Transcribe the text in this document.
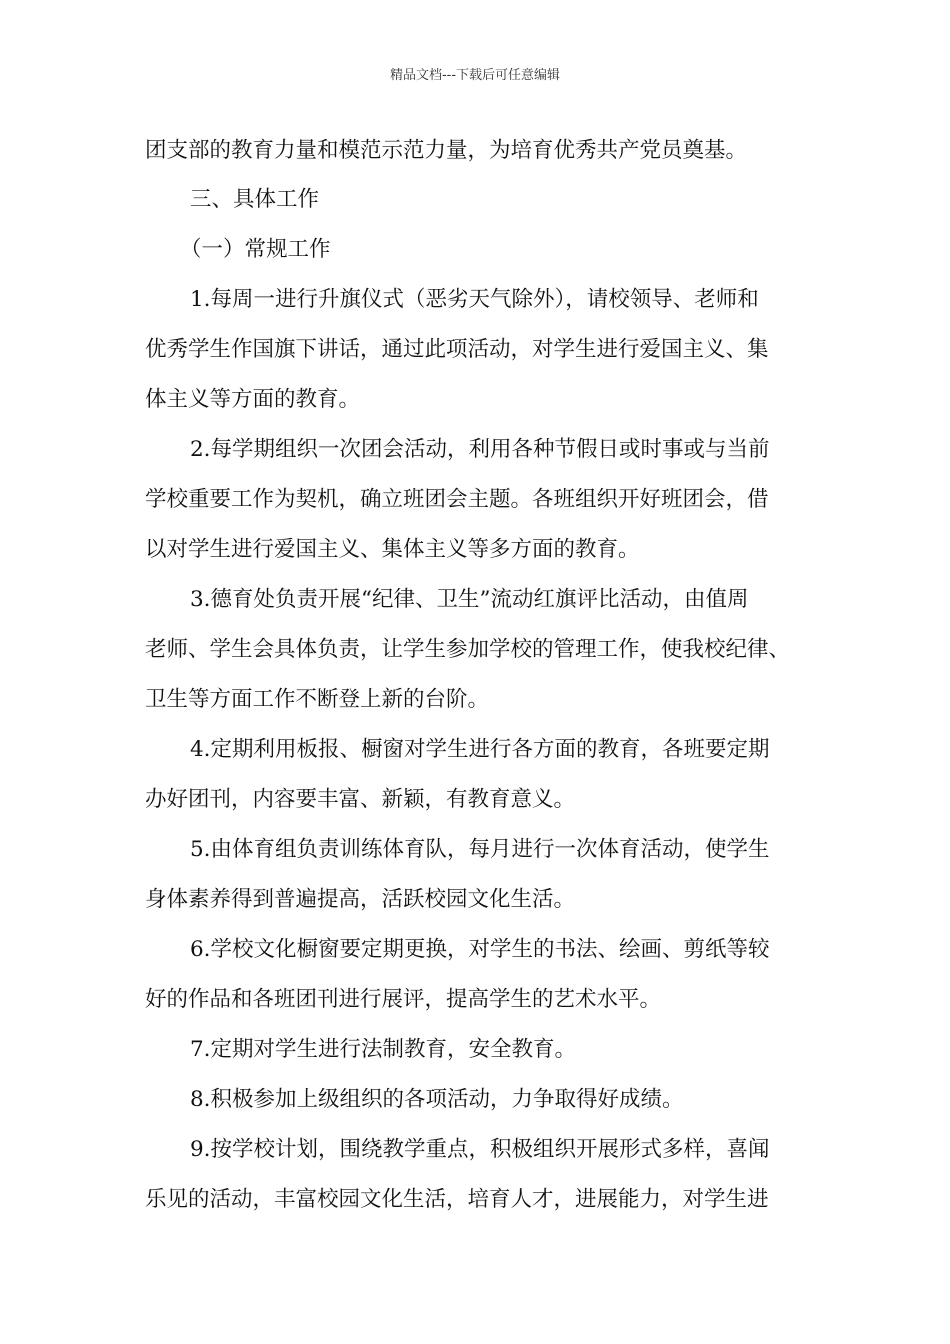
精品文档---下载后可任意编辑
团支部的教育力量和模范示范力量，为培育优秀共产党员奠基。
三、具体工作
（一）常规工作
1.每周一进行升旗仪式（恶劣天气除外），请校领导、老师和
优秀学生作国旗下讲话，通过此项活动，对学生进行爱国主义、集
体主义等方面的教育。
2.每学期组织一次团会活动，利用各种节假日或时事或与当前
学校重要工作为契机，确立班团会主题。各班组织开好班团会，借
以对学生进行爱国主义、集体主义等多方面的教育。
3.德育处负责开展“纪律、卫生”流动红旗评比活动，由值周
老师、学生会具体负责，让学生参加学校的管理工作，使我校纪律、
卫生等方面工作不断登上新的台阶。
4.定期利用板报、橱窗对学生进行各方面的教育，各班要定期
办好团刊，内容要丰富、新颖，有教育意义。
5.由体育组负责训练体育队，每月进行一次体育活动，使学生
身体素养得到普遍提高，活跃校园文化生活。
6.学校文化橱窗要定期更换，对学生的书法、绘画、剪纸等较
好的作品和各班团刊进行展评，提高学生的艺术水平。
7.定期对学生进行法制教育，安全教育。
8.积极参加上级组织的各项活动，力争取得好成绩。
9.按学校计划，围绕教学重点，积极组织开展形式多样，喜闻
乐见的活动，丰富校园文化生活，培育人才，进展能力，对学生进
